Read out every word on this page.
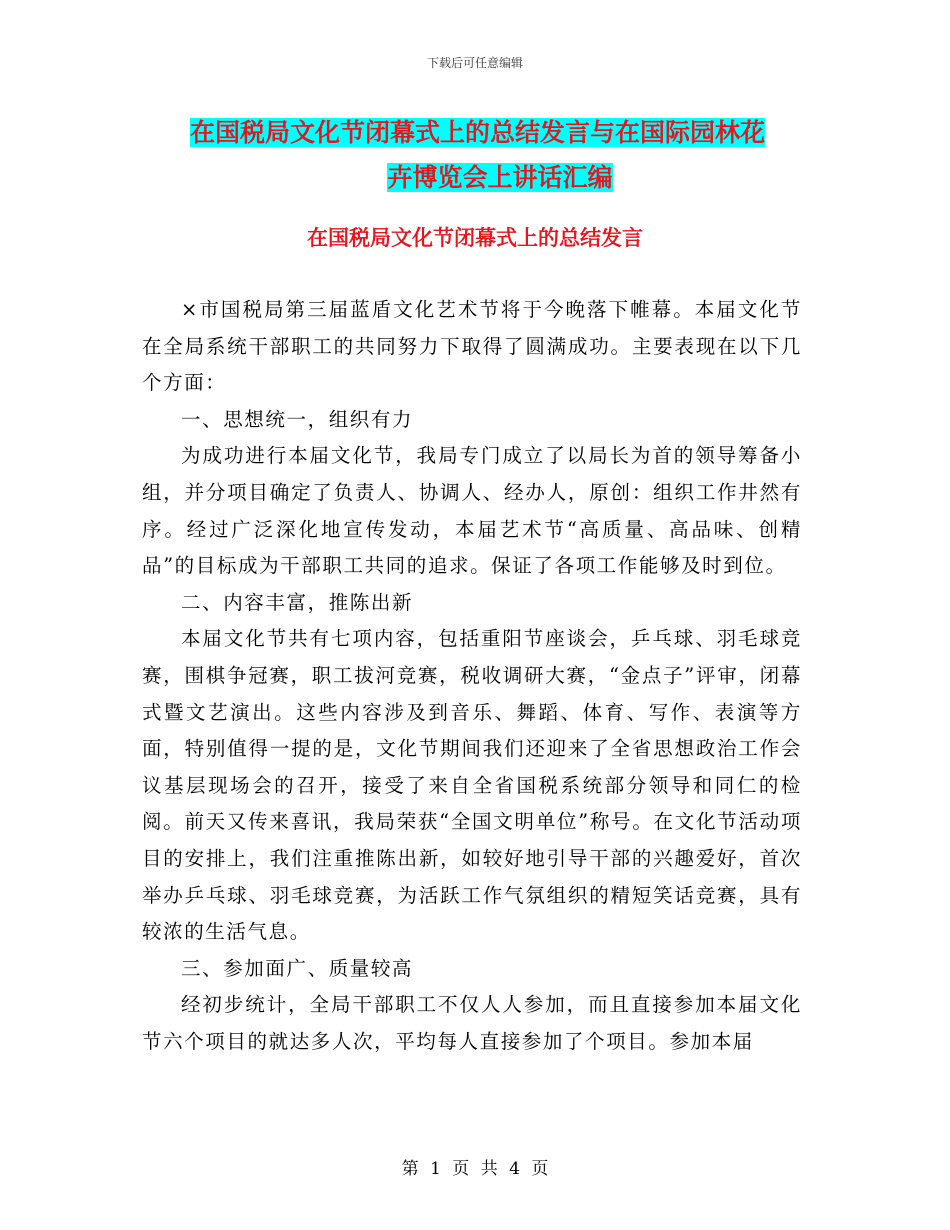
下载后可任意编辑
在国税局文化节闭幕式上的总结发言与在国际园林花
卉博览会上讲话汇编
在国税局文化节闭幕式上的总结发言

×市国税局第三届蓝盾文化艺术节将于今晚落下帷幕。本届文化节在全局系统干部职工的共同努力下取得了圆满成功。主要表现在以下几个方面：

一、思想统一，组织有力

为成功进行本届文化节，我局专门成立了以局长为首的领导筹备小组，并分项目确定了负责人、协调人、经办人，原创：组织工作井然有序。经过广泛深化地宣传发动，本届艺术节“高质量、高品味、创精品”的目标成为干部职工共同的追求。保证了各项工作能够及时到位。

二、内容丰富，推陈出新

本届文化节共有七项内容，包括重阳节座谈会，乒乓球、羽毛球竞赛，围棋争冠赛，职工拔河竞赛，税收调研大赛，“金点子”评审，闭幕式暨文艺演出。这些内容涉及到音乐、舞蹈、体育、写作、表演等方面，特别值得一提的是，文化节期间我们还迎来了全省思想政治工作会议基层现场会的召开，接受了来自全省国税系统部分领导和同仁的检阅。前天又传来喜讯，我局荣获“全国文明单位”称号。在文化节活动项目的安排上，我们注重推陈出新，如较好地引导干部的兴趣爱好，首次举办乒乓球、羽毛球竞赛，为活跃工作气氛组织的精短笑话竞赛，具有较浓的生活气息。

三、参加面广、质量较高

经初步统计，全局干部职工不仅人人参加，而且直接参加本届文化节六个项目的就达多人次，平均每人直接参加了个项目。参加本届

第 1 页 共 4 页
